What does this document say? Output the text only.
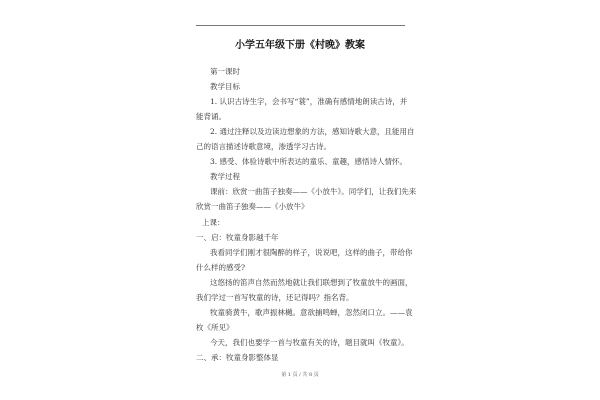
小学五年级下册《村晚》教案
第一课时
教学目标
1. 认识古诗生字，会书写“蓑”，准确有感情地朗读古诗，并
能背诵。
2. 通过注释以及边读边想象的方法，感知诗歌大意，且能用自
己的语言描述诗歌意境，渗透学习古诗。
3. 感受、体验诗歌中所表达的童乐、童趣，感悟诗人情怀。
教学过程
课前：欣赏一曲笛子独奏——《小放牛》。同学们，让我们先来
欣赏一曲笛子独奏——《小放牛》
上课：
一、启：牧童身影越千年
我看同学们刚才很陶醉的样子，说说吧，这样的曲子，带给你
什么样的感受?
这悠扬的笛声自然而然地就让我们联想到了牧童放牛的画面，
我们学过一首写牧童的诗，还记得吗？指名背。
牧童骑黄牛，歌声振林樾。意欲捕鸣蝉，忽然闭口立。——袁
枚《所见》
今天，我们也要学一首与牧童有关的诗，题目就叫《牧童》。
二、承：牧童身影整体显
第 1 页 / 共 8 页
